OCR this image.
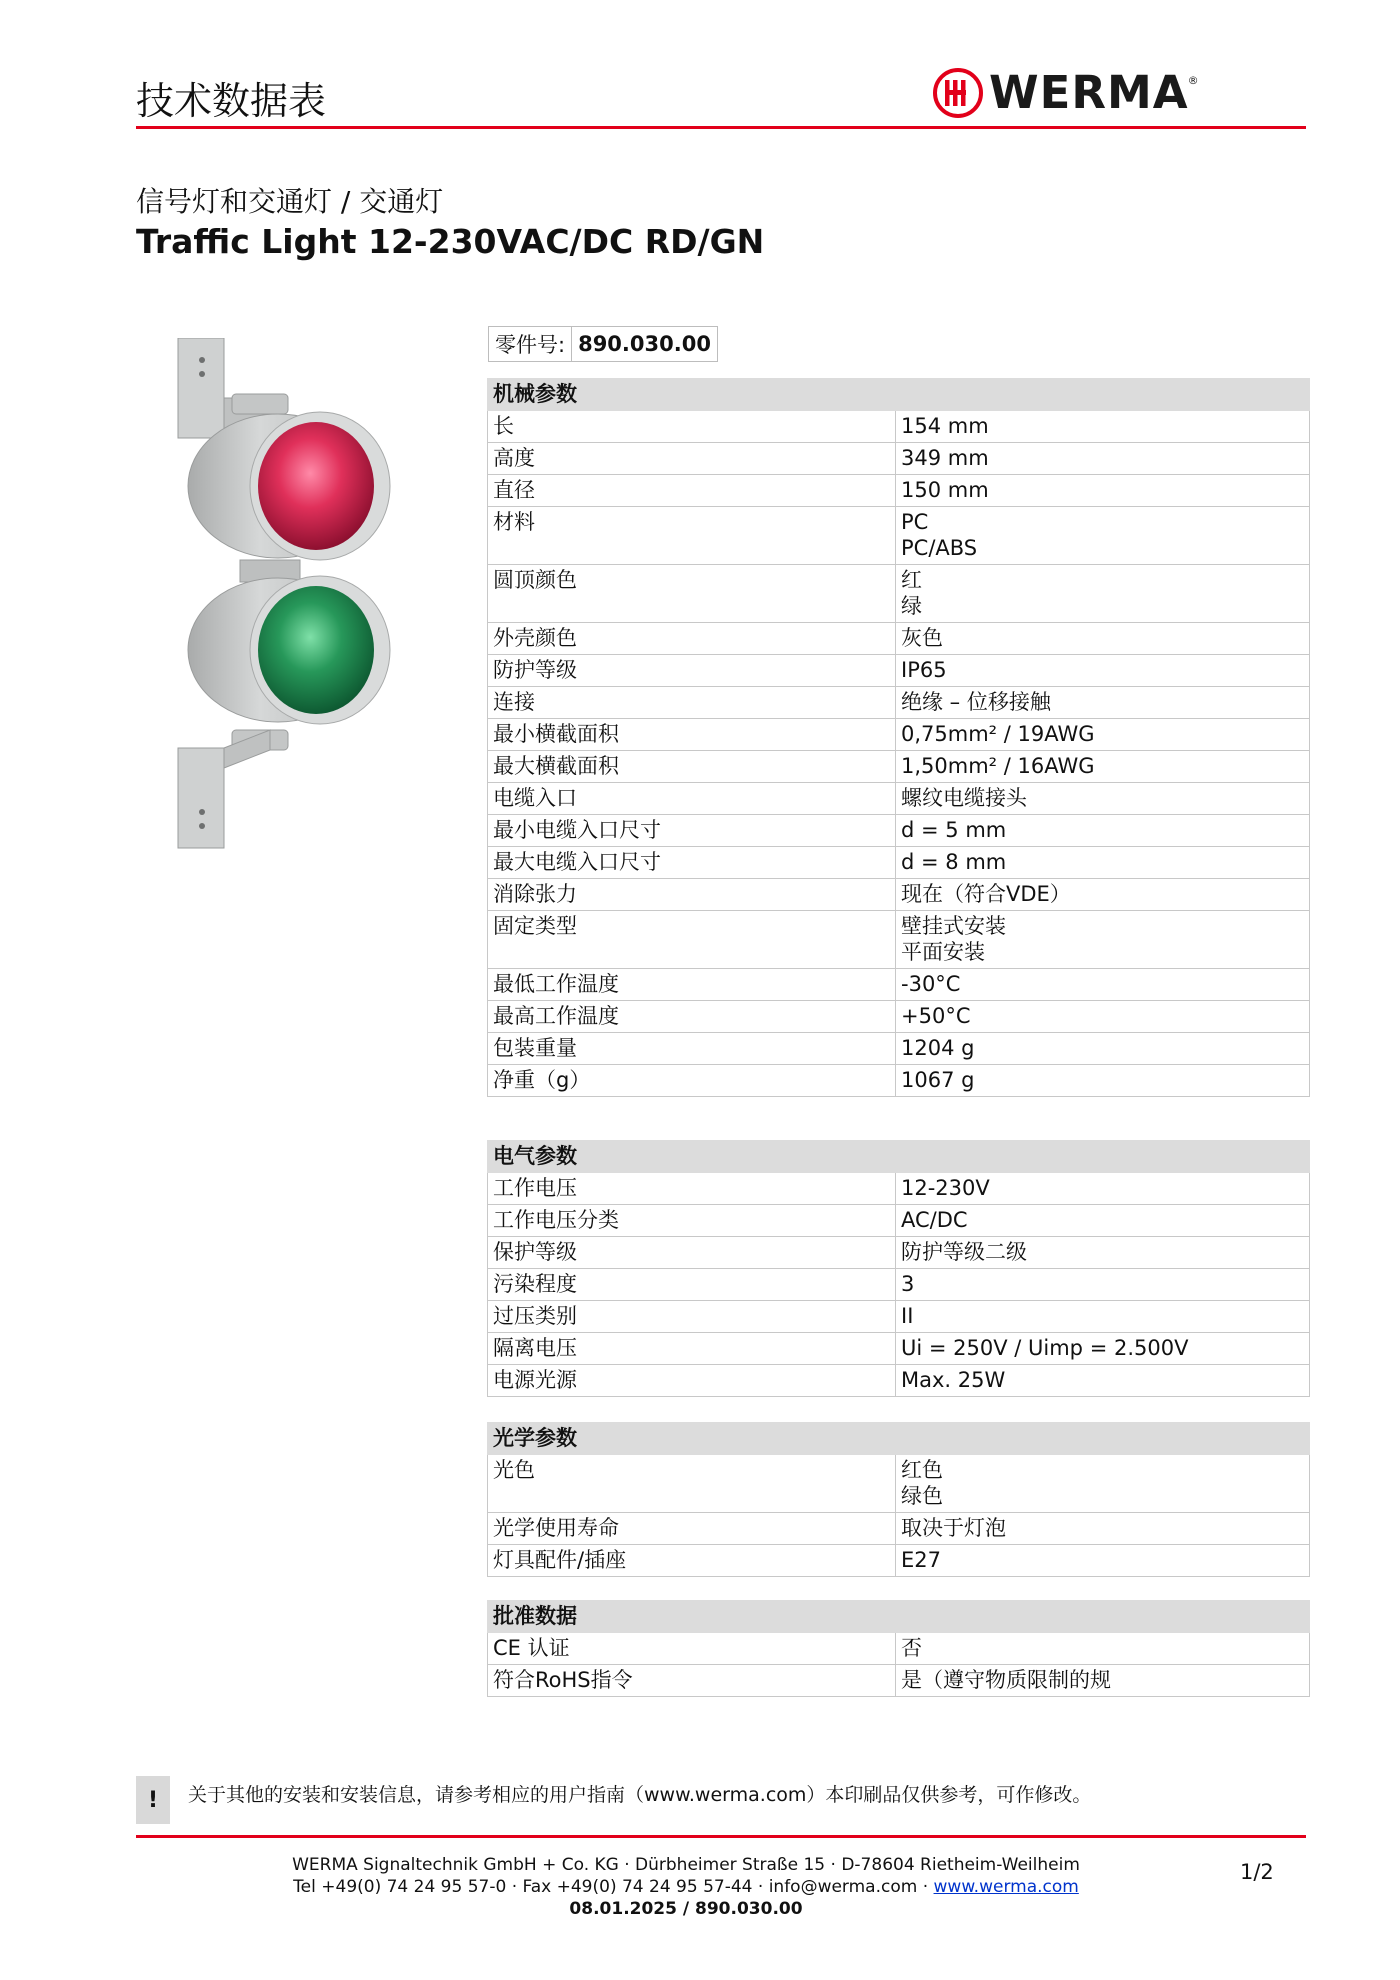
技术数据表	WERMA ®
信号灯和交通灯 / 交通灯
Traffic Light 12-230VAC/DC RD/GN
零件号: 890.030.00
机械参数	
长	154 mm

高度	349 mm

直径	150 mm

材料	PC
PC/ABS

圆顶颜色	红
绿

外壳颜色	灰色

防护等级	IP65

连接	绝缘 – 位移接触

最小横截面积	0,75mm² / 19AWG

最大横截面积	1,50mm² / 16AWG

电缆入口	螺纹电缆接头

最小电缆入口尺寸	d = 5 mm

最大电缆入口尺寸	d = 8 mm

消除张力	现在（符合VDE）

固定类型	壁挂式安装
平面安装

最低工作温度	-30°C

最高工作温度	+50°C

包装重量	1204 g

净重（g）	1067 g
电气参数	
工作电压	12-230V

工作电压分类	AC/DC

保护等级	防护等级二级

污染程度	3

过压类别	II

隔离电压	Ui = 250V / Uimp = 2.500V

电源光源	Max. 25W
光学参数	
光色	红色
绿色

光学使用寿命	取决于灯泡

灯具配件/插座	E27
批准数据	
CE 认证	否

符合RoHS指令	是（遵守物质限制的规
!	关于其他的安装和安装信息，请参考相应的用户指南（www.werma.com）本印刷品仅供参考，可作修改。
WERMA Signaltechnik GmbH + Co. KG · Dürbheimer Straße 15 · D-78604 Rietheim-Weilheim
Tel +49(0) 74 24 95 57-0 · Fax +49(0) 74 24 95 57-44 · info@werma.com · www.werma.com
08.01.2025 / 890.030.00
1/2
